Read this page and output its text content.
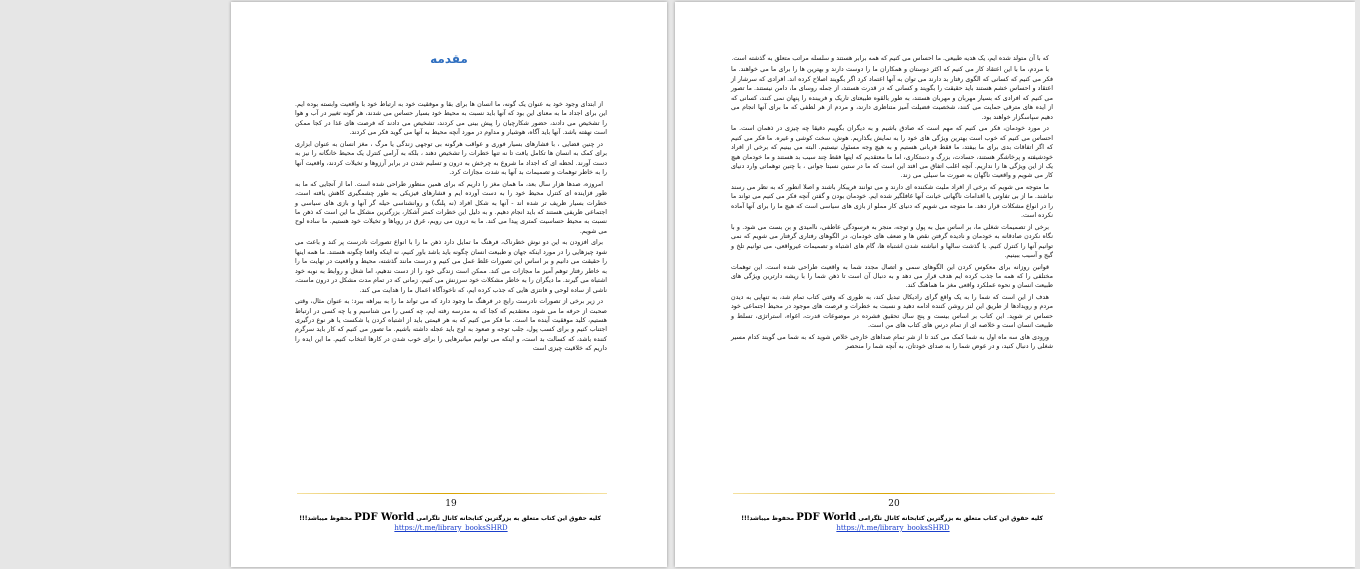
مقدمه

از ابتدای وجود خود به عنوان یک گونه، ما انسان ها برای بقا و موفقیت خود به ارتباط خود با واقعیت وابسته بوده ایم. این برای اجداد ما به معنای این بود که آنها باید نسبت به محیط خود بسیار حساس می شدند، هر گونه تغییر در آب و هوا را تشخیص می دادند، حضور شکارچیان را پیش بینی می کردند، تشخیص می دادند که فرصت های غذا در کجا ممکن است نهفته باشد. آنها باید آگاه، هوشیار و مداوم در مورد آنچه محیط به آنها می گوید فکر می کردند.

در چنین فضایی ، با فشارهای بسیار فوری و عواقب هرگونه بی توجهی زندگی یا مرگ ، مغز انسان به عنوان ابزاری برای کمک به انسان ها تکامل یافت تا نه تنها خطرات را تشخیص دهند ، بلکه به آرامی کنترل یک محیط خانگانه را نیز به دست آورند. لحظه ای که اجداد ما شروع به چرخش به درون و تسلیم شدن در برابر آرزوها و تخیلات کردند، واقعیت آنها را به خاطر توهمات و تصمیمات بد آنها به شدت مجازات کرد.

امروزه، صدها هزار سال بعد، ما همان مغز را داریم که برای همین منظور طراحی شده است. اما از آنجایی که ما به طور فزاینده ای کنترل محیط خود را به دست آورده ایم و فشارهای فیزیکی به طور چشمگیری کاهش یافته است، خطرات بسیار ظریف تر شده اند - آنها به شکل افراد (نه پلنگ) و روانشناسی حیله گر آنها و بازی های سیاسی و اجتماعی ظریفی هستند که باید انجام دهیم. و به دلیل این خطرات کمتر آشکار، بزرگترین مشکل ما این است که ذهن ما نسبت به محیط حساسیت کمتری پیدا می کند. ما به درون می رویم، غرق در رویاها و تخیلات خود هستیم. ما ساده لوح می شویم.

برای افزودن به این دو نوش خطرناک، فرهنگ ما تمایل دارد ذهن ما را با انواع تصورات نادرست پر کند و باعث می شود چیزهایی را در مورد اینکه جهان و طبیعت انسان چگونه باید باشد باور کنیم، نه اینکه واقعا چگونه هستند. ما همه اینها را حقیقت می دانیم و بر اساس این تصورات غلط عمل می کنیم و درست مانند گذشته، محیط و واقعیت در نهایت ما را به خاطر رفتار توهم آمیز ما مجازات می کند. ممکن است زندگی خود را از دست ندهیم، اما شغل و روابط به نوبه خود اشتباه می گیرند. ما دیگران را به خاطر مشکلات خود سرزنش می کنیم، زمانی که در تمام مدت مشکل در درون ماست، ناشی از ساده لوحی و فانتزی هایی که جذب کرده ایم، که ناخودآگاه اعمال ما را هدایت می کند.

در زیر برخی از تصورات نادرست رایج در فرهنگ ما وجود دارد که می تواند ما را به بیراهه ببرد: به عنوان مثال، وقتی صحبت از حرفه ما می شود، معتقدیم که کجا که به مدرسه رفته ایم، چه کسی را می شناسیم و یا چه کسی در ارتباط هستیم، کلید موفقیت آینده ما است. ما فکر می کنیم که به هر قیمتی باید از اشتباه کردن یا شکست یا هر نوع درگیری اجتناب کنیم و برای کسب پول، جلب توجه و صعود به اوج باید عجله داشته باشیم. ما تصور می کنیم که کار باید سرگرم کننده باشد، که کسالت بد است، و اینکه می توانیم میانبرهایی را برای خوب شدن در کارها انتخاب کنیم. ما این ایده را داریم که خلاقیت چیزی است

19
کلیه حقوق این کتاب متعلق به بزرگترین کتابخانه کانال تلگرامی PDF World محفوظ میباشد!!!
https://t.me/library_booksSHRD

که با آن متولد شده ایم، یک هدیه طبیعی. ما احساس می کنیم که همه برابر هستند و سلسله مراتب متعلق به گذشته است.

با مردم، ما با این اعتقاد کار می کنیم که اکثر دوستان و همکاران ما را دوست دارند و بهترین ها را برای ما می خواهند. ما فکر می کنیم که کسانی که الگوی رفتار بد دارند می توان به آنها اعتماد کرد اگر بگویند اصلاح کرده اند. افرادی که سرشار از اعتقاد و احساس خشم هستند باید حقیقت را بگویند و کسانی که در قدرت هستند، از جمله روسای ما، دامن نیستند. ما تصور می کنیم که افرادی که بسیار مهربان و مهربان هستند، به طور بالقوه طبیعتای تاریک و فریبنده را پنهان نمی کنند، کسانی که از ایده های مترقی حمایت می کنند، شخصیت فضیلت آمیز متناظری دارند، و مردم از هر لطفی که ما برای آنها انجام می دهیم سپاسگزار خواهند بود.

در مورد خودمان، فکر می کنیم که مهم است که صادق باشیم و به دیگران بگوییم دقیقا چه چیزی در ذهمان است. ما احساس می کنیم که خوب است بهترین ویژگی های خود را به نمایش بگذاریم. هوش، سخت کوشی و غیره. ما فکر می کنیم که اگر اتفاقات بدی برای ما بیفتد، ما فقط قربانی هستیم و به هیچ وجه مسئول نیستیم. البته می بینیم که برخی از افراد خودشیفته و پرخاشگر هستند، حسادت، بزرگ و دستکاری، اما ما معتقدیم که اینها فقط چند سیب بد هستند و ما خودمان هیچ یک از این ویژگی ها را نداریم. آنچه اغلب اتفاق می افتد این است که ما در ستین نسبتا جوانی ، با چنین توهماتی وارد دنیای کار می شویم و واقعیت ناگهان به صورت ما سیلی می زند.

ما متوجه می شویم که برخی از افراد ملیت شکننده ای دارند و می توانند فریبکار باشند و اصلا انطور که به نظر می رسند نباشند. ما از بی تفاوتی یا اقدامات ناگهانی خیانت آنها غافلگیر شده ایم. خودمان بودن و گفتن آنچه فکر می کنیم می تواند ما را در انواع مشکلات قرار دهد. ما متوجه می شویم که دنیای کار مملو از بازی های سیاسی است که هیچ ما را برای آنها آماده نکرده است.

برخی از تصمیمات شغلی ما، بر اساس میل به پول و توجه، منجر به فرسودگی عاطفی، ناامیدی و بن بست می شود. و با نگاه نکردن صادقانه به خودمان و نادیده گرفتن نقص ها و ضعف های خودمان، در الگوهای رفتاری گرفتار می شویم که نمی توانیم آنها را کنترل کنیم. با گذشت سالها و انباشته شدن اشتباه ها، گام های اشتباه و تصمیمات غیرواقعی، می توانیم تلخ و گیج و آسیب ببینیم.

قوانین روزانه برای معکوس کردن این الگوهای سمی و اتصال مجدد شما به واقعیت طراحی شده است. این توهمات مختلفی را که همه ما جذب کرده ایم هدف قرار می دهد و به دنبال آن است تا ذهن شما را با ریشه دارترین ویژگی های طبیعت انسان و نحوه عملکرد واقعی مغز ما هماهنگ کند.

هدف از این است که شما را به یک واقع گرای رادیکال تبدیل کند، به طوری که وقتی کتاب تمام شد، به تنهایی به دیدن مردم و رویدادها از طریق این لنز روشن کننده ادامه دهید و نسبت به خطرات و فرصت های موجود در محیط اجتماعی خود حساس تر شوید. این کتاب بر اساس بیست و پنج سال تحقیق فشرده در موضوعات قدرت، اغواء، استراتژی، تسلط و طبیعت انسان است و خلاصه ای از تمام درس های کتاب های من است.

ورودی های سه ماه اول به شما کمک می کند تا از شر تمام صداهای خارجی خلاص شوید که به شما می گویند کدام مسیر شغلی را دنبال کنید، و در عوض شما را به صدای خودتان، به آنچه شما را منحصر

20
کلیه حقوق این کتاب متعلق به بزرگترین کتابخانه کانال تلگرامی PDF World محفوظ میباشد!!!
https://t.me/library_booksSHRD
